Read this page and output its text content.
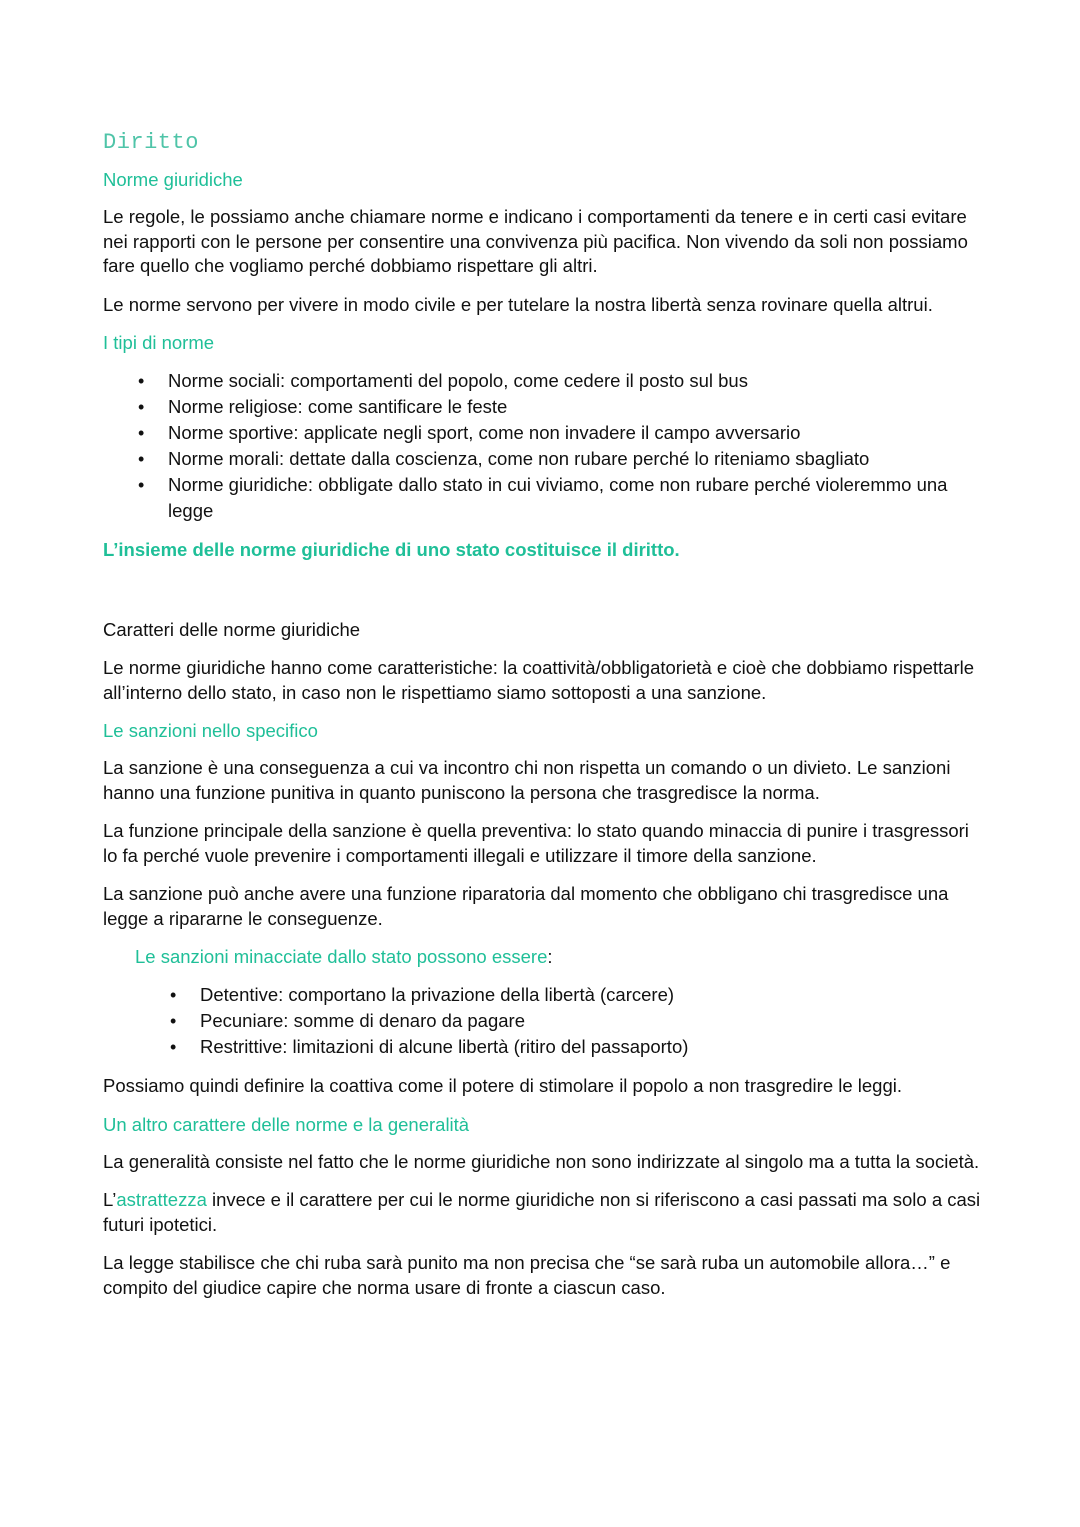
Diritto
Norme giuridiche

Le regole, le possiamo anche chiamare norme e indicano i comportamenti da tenere e in certi casi evitare nei rapporti con le persone per consentire una convivenza più pacifica. Non vivendo da soli non possiamo fare quello che vogliamo perché dobbiamo rispettare gli altri.

Le norme servono per vivere in modo civile e per tutelare la nostra libertà senza rovinare quella altrui.

I tipi di norme
• Norme sociali: comportamenti del popolo, come cedere il posto sul bus
• Norme religiose: come santificare le feste
• Norme sportive: applicate negli sport, come non invadere il campo avversario
• Norme morali: dettate dalla coscienza, come non rubare perché lo riteniamo sbagliato
• Norme giuridiche: obbligate dallo stato in cui viviamo, come non rubare perché violeremmo una legge
L’insieme delle norme giuridiche di uno stato costituisce il diritto.
Caratteri delle norme giuridiche

Le norme giuridiche hanno come caratteristiche: la coattività/obbligatorietà e cioè che dobbiamo rispettarle all’interno dello stato, in caso non le rispettiamo siamo sottoposti a una sanzione.

Le sanzioni nello specifico

La sanzione è una conseguenza a cui va incontro chi non rispetta un comando o un divieto. Le sanzioni hanno una funzione punitiva in quanto puniscono la persona che trasgredisce la norma.

La funzione principale della sanzione è quella preventiva: lo stato quando minaccia di punire i trasgressori lo fa perché vuole prevenire i comportamenti illegali e utilizzare il timore della sanzione.

La sanzione può anche avere una funzione riparatoria dal momento che obbligano chi trasgredisce una legge a ripararne le conseguenze.

Le sanzioni minacciate dallo stato possono essere:
• Detentive: comportano la privazione della libertà (carcere)
• Pecuniare: somme di denaro da pagare
• Restrittive: limitazioni di alcune libertà (ritiro del passaporto)

Possiamo quindi definire la coattiva come il potere di stimolare il popolo a non trasgredire le leggi.

Un altro carattere delle norme e la generalità

La generalità consiste nel fatto che le norme giuridiche non sono indirizzate al singolo ma a tutta la società.

L’astrattezza invece e il carattere per cui le norme giuridiche non si riferiscono a casi passati ma solo a casi futuri ipotetici.

La legge stabilisce che chi ruba sarà punito ma non precisa che “se sarà ruba un automobile allora…” e compito del giudice capire che norma usare di fronte a ciascun caso.
